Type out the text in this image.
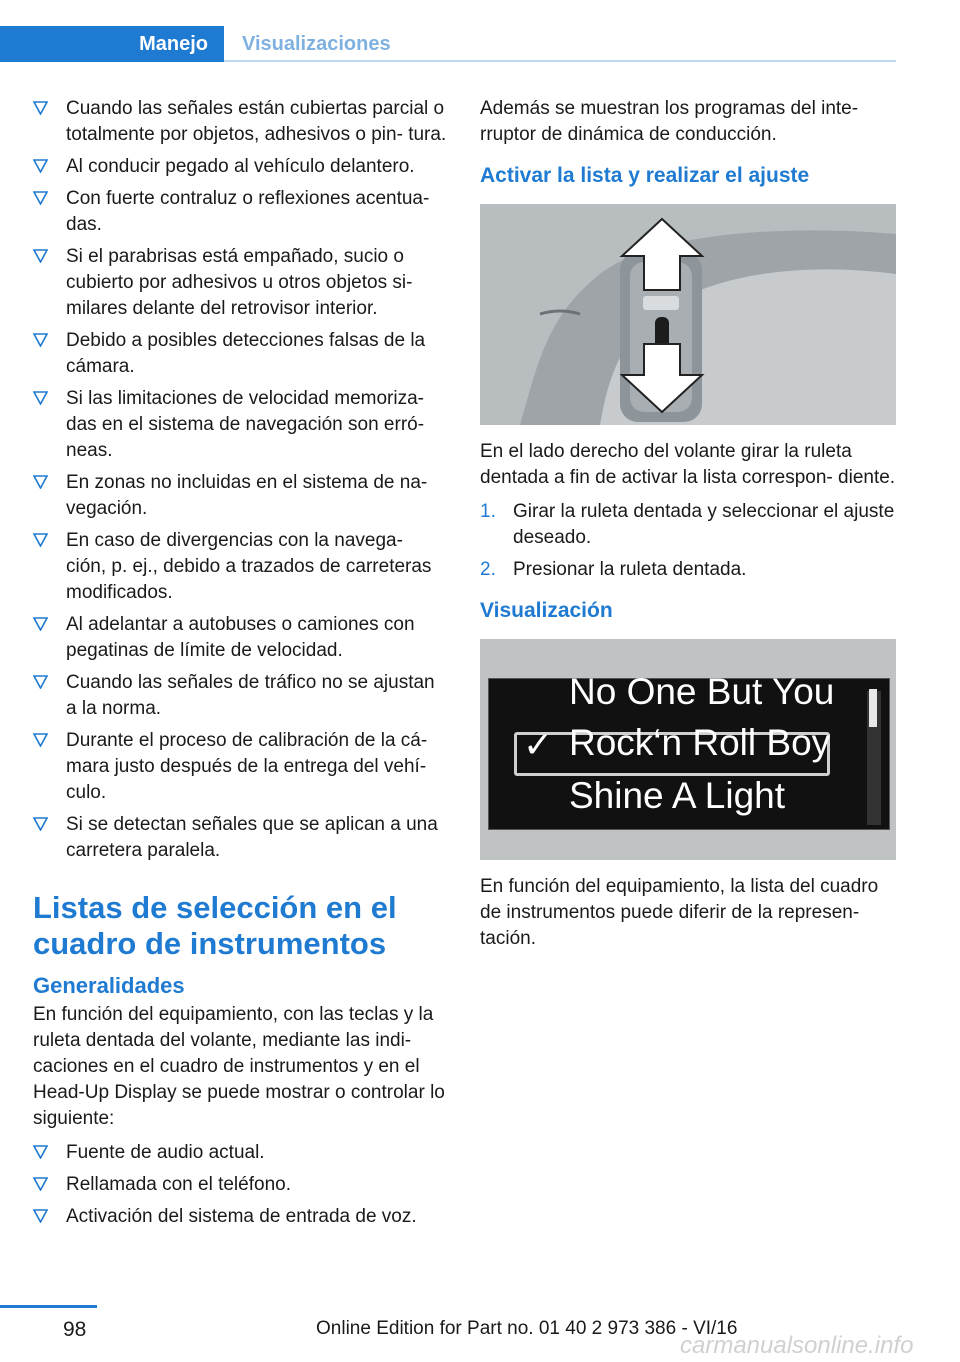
Manejo	Visualizaciones
Cuando las señales están cubiertas parcial o totalmente por objetos, adhesivos o pin‐ tura.
Al conducir pegado al vehículo delantero.
Con fuerte contraluz o reflexiones acentua‐ das.
Si el parabrisas está empañado, sucio o cubierto por adhesivos u otros objetos si‐ milares delante del retrovisor interior.
Debido a posibles detecciones falsas de la cámara.
Si las limitaciones de velocidad memoriza‐ das en el sistema de navegación son erró‐ neas.
En zonas no incluidas en el sistema de na‐ vegación.
En caso de divergencias con la navega‐ ción, p. ej., debido a trazados de carreteras modificados.
Al adelantar a autobuses o camiones con pegatinas de límite de velocidad.
Cuando las señales de tráfico no se ajustan a la norma.
Durante el proceso de calibración de la cá‐ mara justo después de la entrega del vehí‐ culo.
Si se detectan señales que se aplican a una carretera paralela.
Listas de selección en el cuadro de instrumentos
Generalidades

En función del equipamiento, con las teclas y la ruleta dentada del volante, mediante las indi‐ caciones en el cuadro de instrumentos y en el Head-Up Display se puede mostrar o controlar lo siguiente:

Fuente de audio actual.
Rellamada con el teléfono.
Activación del sistema de entrada de voz.

Además se muestran los programas del inte‐ rruptor de dinámica de conducción.

Activar la lista y realizar el ajuste

En el lado derecho del volante girar la ruleta dentada a fin de activar la lista correspon‐ diente.

1. Girar la ruleta dentada y seleccionar el ajuste deseado.
2. Presionar la ruleta dentada.
Visualización
No One But You
✓ Rock‘n Roll Boy
Shine A Light

En función del equipamiento, la lista del cuadro de instrumentos puede diferir de la represen‐ tación.

98	Online Edition for Part no. 01 40 2 973 386 - VI/16
carmanualsonline.info
